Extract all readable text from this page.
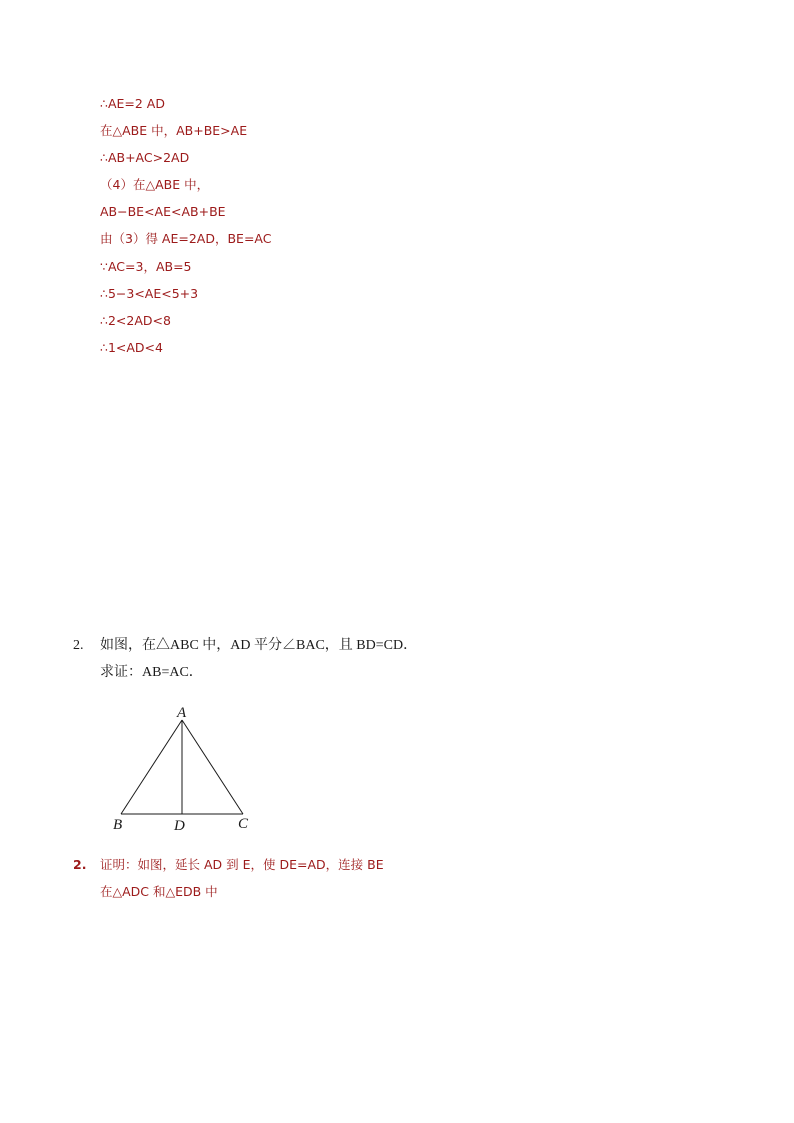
∴AE=2 AD
在△ABE 中，AB+BE>AE
∴AB+AC>2AD
（4）在△ABE 中，
AB−BE<AE<AB+BE
由（3）得 AE=2AD，BE=AC
∵AC=3，AB=5
∴5−3<AE<5+3
∴2<2AD<8
∴1<AD<4
2. 如图，在△ABC 中，AD 平分∠BAC，且 BD=CD．
求证：AB=AC．
A
B	D	C
2. 证明：如图，延长 AD 到 E，使 DE=AD，连接 BE
在△ADC 和△EDB 中
